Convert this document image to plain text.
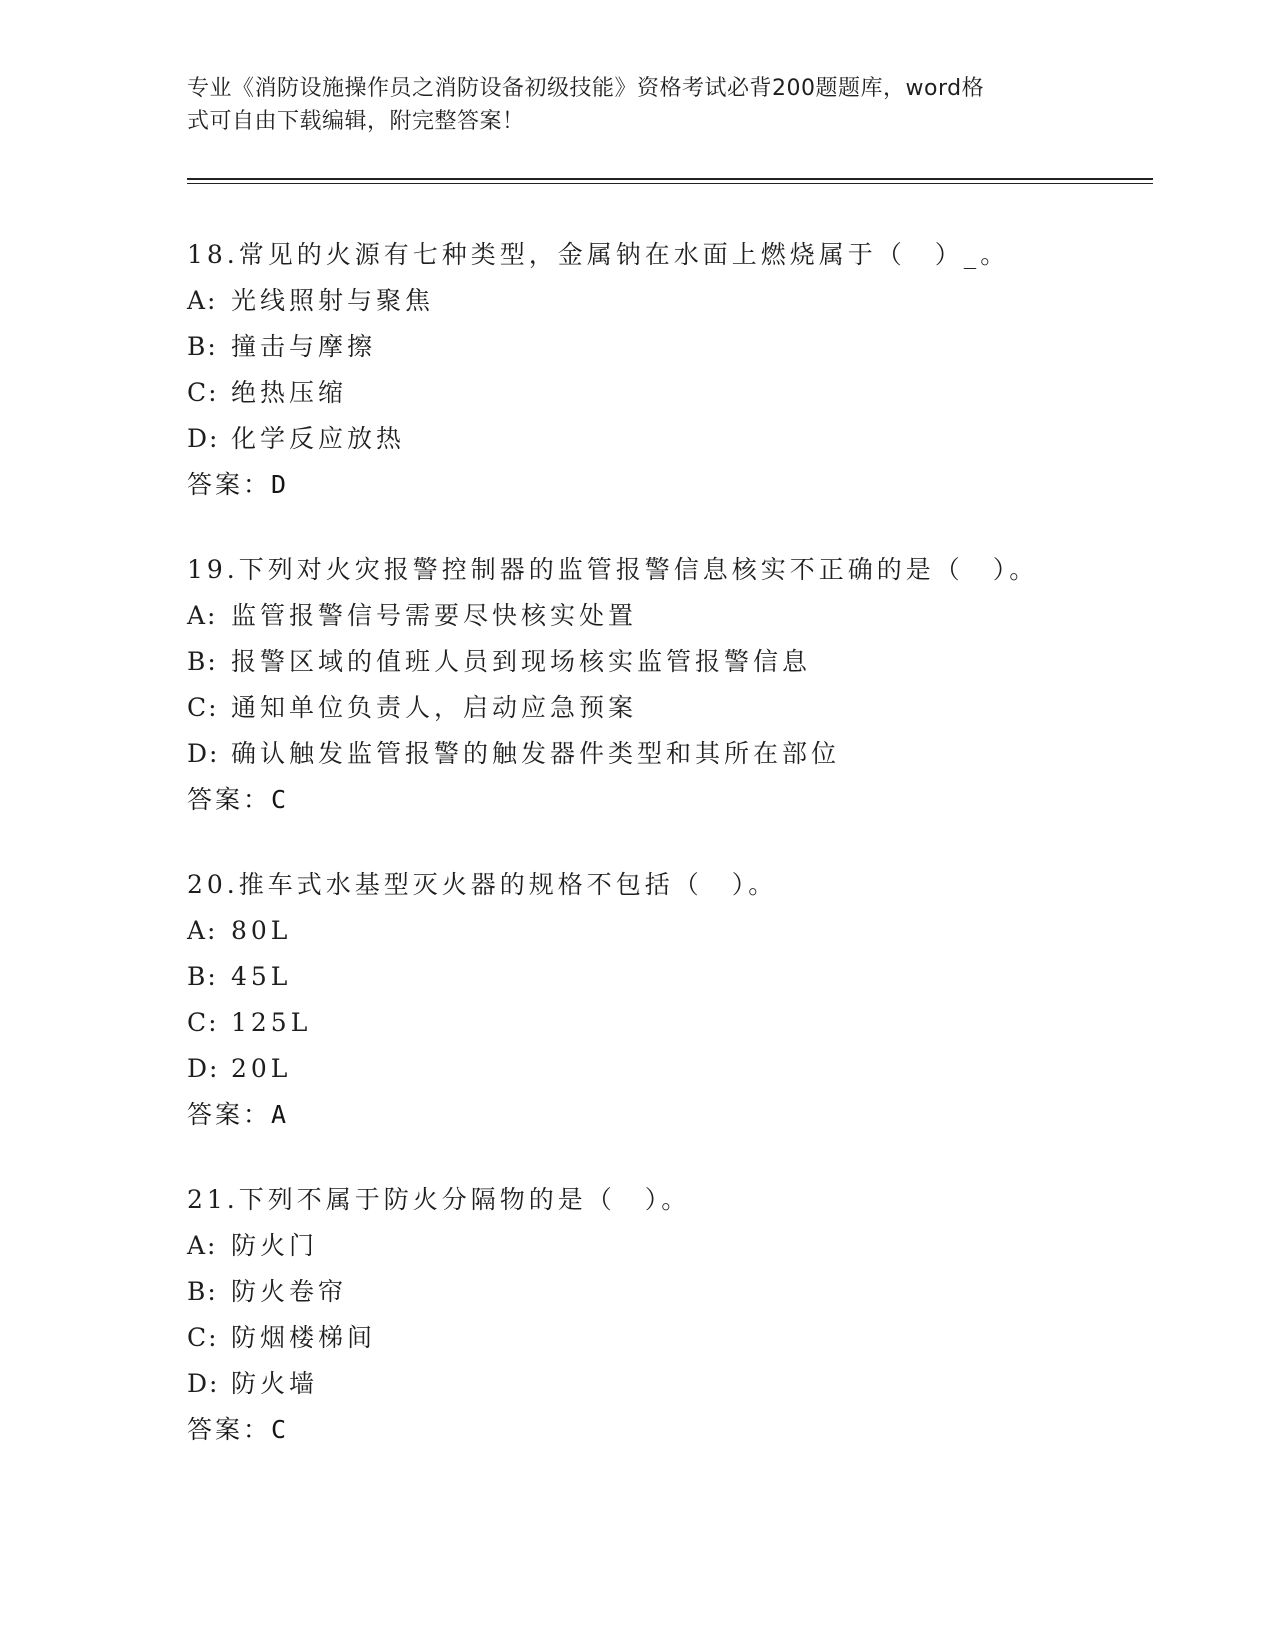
专业《消防设施操作员之消防设备初级技能》资格考试必背200题题库，word格
式可自由下载编辑，附完整答案！
18.常见的火源有七种类型，金属钠在水面上燃烧属于（　）_。
A: 光线照射与聚焦
B: 撞击与摩擦
C: 绝热压缩
D: 化学反应放热
答案：D
19.下列对火灾报警控制器的监管报警信息核实不正确的是（　）。
A: 监管报警信号需要尽快核实处置
B: 报警区域的值班人员到现场核实监管报警信息
C: 通知单位负责人，启动应急预案
D: 确认触发监管报警的触发器件类型和其所在部位
答案：C
20.推车式水基型灭火器的规格不包括（　）。
A: 80L
B: 45L
C: 125L
D: 20L
答案：A
21.下列不属于防火分隔物的是（　）。
A: 防火门
B: 防火卷帘
C: 防烟楼梯间
D: 防火墙
答案：C
